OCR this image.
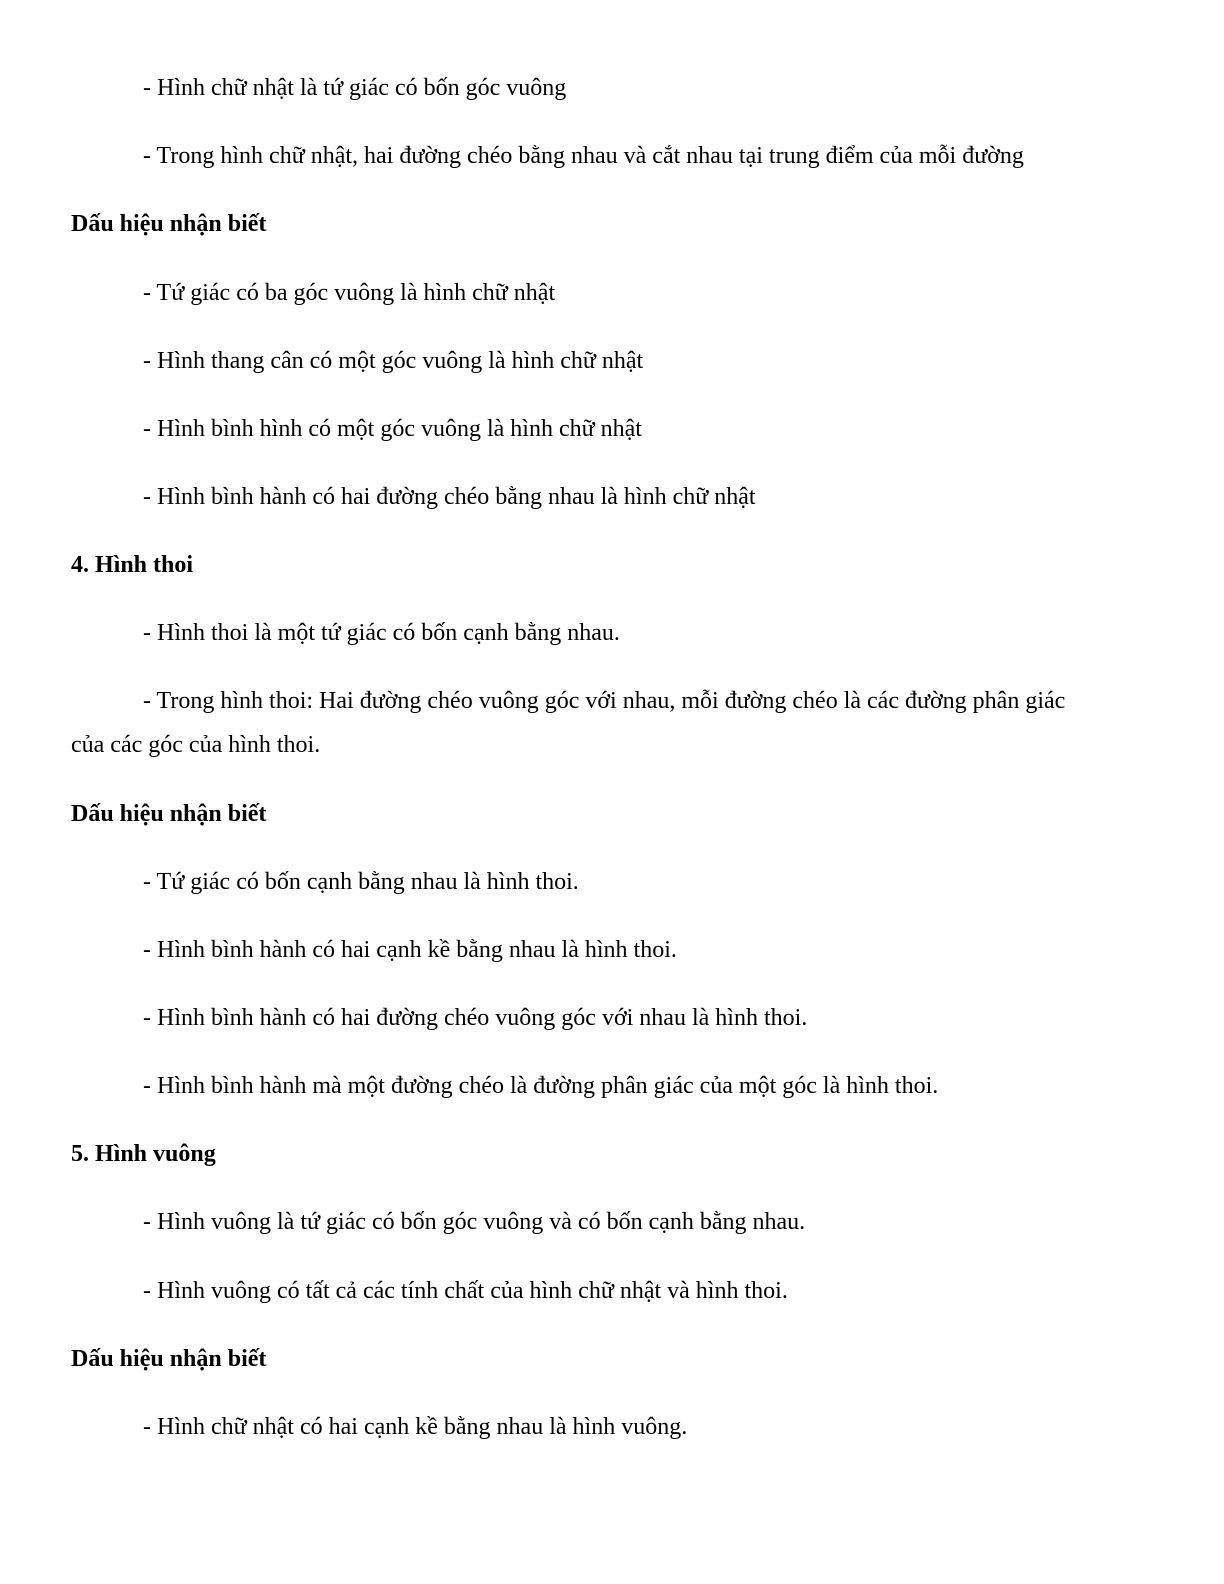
- Hình chữ nhật là tứ giác có bốn góc vuông
- Trong hình chữ nhật, hai đường chéo bằng nhau và cắt nhau tại trung điểm của mỗi đường
Dấu hiệu nhận biết
- Tứ giác có ba góc vuông là hình chữ nhật
- Hình thang cân có một góc vuông là hình chữ nhật
- Hình bình hình có một góc vuông là hình chữ nhật
- Hình bình hành có hai đường chéo bằng nhau là hình chữ nhật
4. Hình thoi
- Hình thoi là một tứ giác có bốn cạnh bằng nhau.
- Trong hình thoi: Hai đường chéo vuông góc với nhau, mỗi đường chéo là các đường phân giác
của các góc của hình thoi.
Dấu hiệu nhận biết
- Tứ giác có bốn cạnh bằng nhau là hình thoi.
- Hình bình hành có hai cạnh kề bằng nhau là hình thoi.
- Hình bình hành có hai đường chéo vuông góc với nhau là hình thoi.
- Hình bình hành mà một đường chéo là đường phân giác của một góc là hình thoi.
5. Hình vuông
- Hình vuông là tứ giác có bốn góc vuông và có bốn cạnh bằng nhau.
- Hình vuông có tất cả các tính chất của hình chữ nhật và hình thoi.
Dấu hiệu nhận biết
- Hình chữ nhật có hai cạnh kề bằng nhau là hình vuông.
